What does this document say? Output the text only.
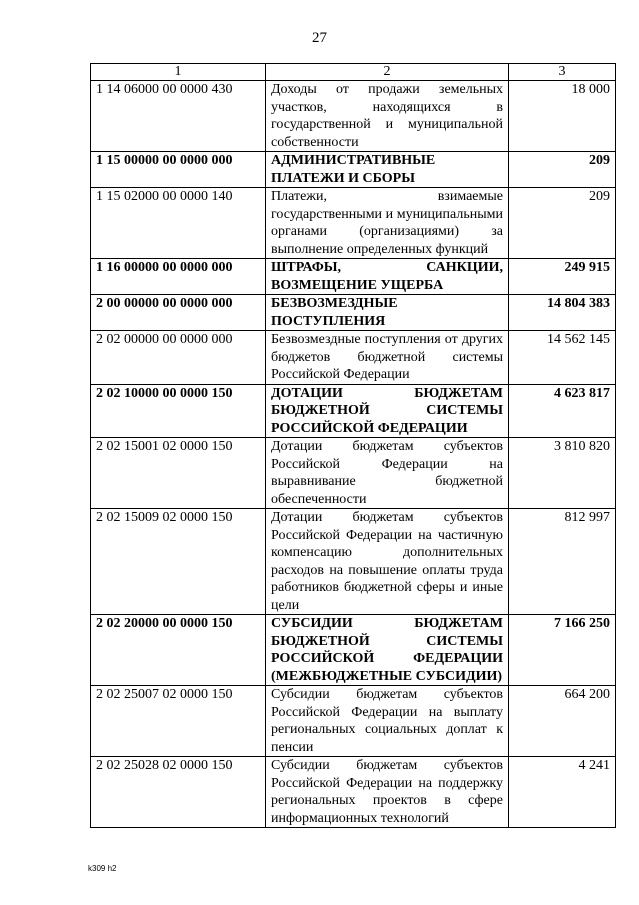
27
1	2	3
1 14 06000 00 0000 430	Доходы от продажи земельных участков, находящихся в государственной и муниципальной собственности	18 000
1 15 00000 00 0000 000	АДМИНИСТРАТИВНЫЕ ПЛАТЕЖИ И СБОРЫ	209
1 15 02000 00 0000 140	Платежи, взимаемые государственными и муниципальными органами (организациями) за выполнение определенных функций	209
1 16 00000 00 0000 000	ШТРАФЫ, САНКЦИИ, ВОЗМЕЩЕНИЕ УЩЕРБА	249 915
2 00 00000 00 0000 000	БЕЗВОЗМЕЗДНЫЕ ПОСТУПЛЕНИЯ	14 804 383
2 02 00000 00 0000 000	Безвозмездные поступления от других бюджетов бюджетной системы Российской Федерации	14 562 145
2 02 10000 00 0000 150	ДОТАЦИИ БЮДЖЕТАМ БЮДЖЕТНОЙ СИСТЕМЫ РОССИЙСКОЙ ФЕДЕРАЦИИ	4 623 817
2 02 15001 02 0000 150	Дотации бюджетам субъектов Российской Федерации на выравнивание бюджетной обеспеченности	3 810 820
2 02 15009 02 0000 150	Дотации бюджетам субъектов Российской Федерации на частичную компенсацию дополнительных расходов на повышение оплаты труда работников бюджетной сферы и иные цели	812 997
2 02 20000 00 0000 150	СУБСИДИИ БЮДЖЕТАМ БЮДЖЕТНОЙ СИСТЕМЫ РОССИЙСКОЙ ФЕДЕРАЦИИ (МЕЖБЮДЖЕТНЫЕ СУБСИДИИ)	7 166 250
2 02 25007 02 0000 150	Субсидии бюджетам субъектов Российской Федерации на выплату региональных социальных доплат к пенсии	664 200
2 02 25028 02 0000 150	Субсидии бюджетам субъектов Российской Федерации на поддержку региональных проектов в сфере информационных технологий	4 241
k309 h2
